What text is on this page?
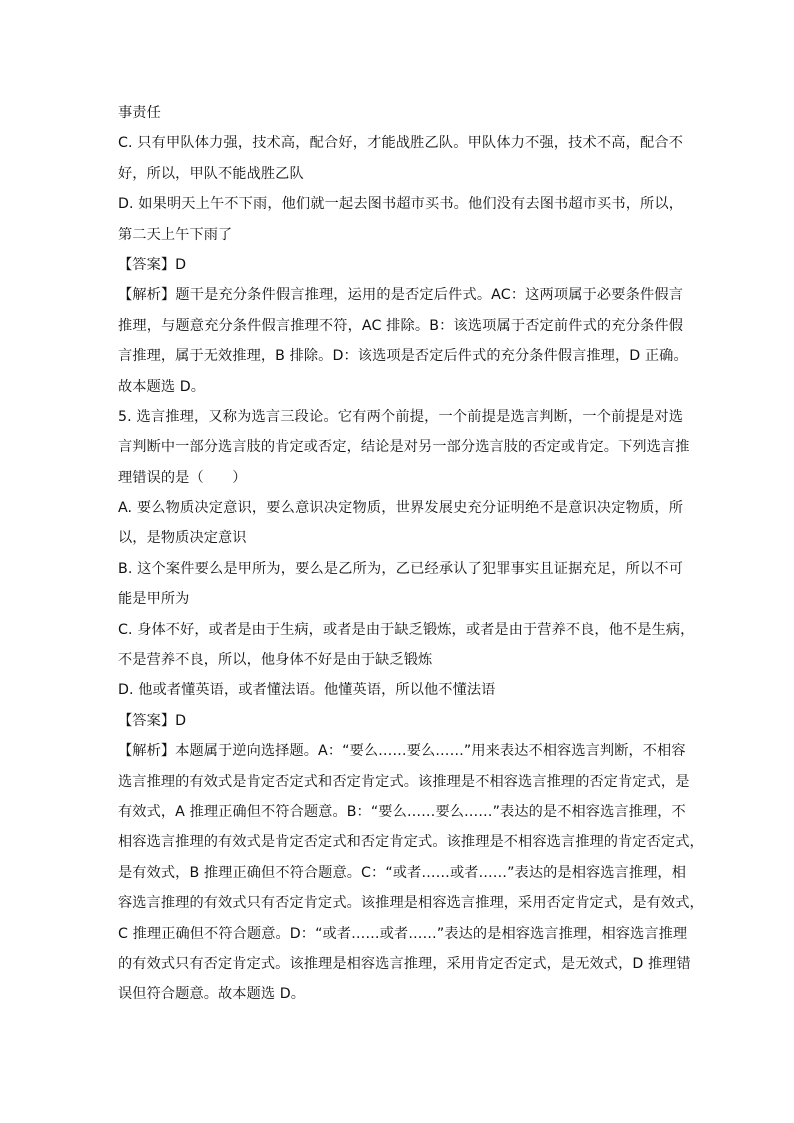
事责任
C. 只有甲队体力强，技术高，配合好，才能战胜乙队。甲队体力不强，技术不高，配合不
好，所以，甲队不能战胜乙队
D. 如果明天上午不下雨，他们就一起去图书超市买书。他们没有去图书超市买书，所以，
第二天上午下雨了
【答案】D
【解析】题干是充分条件假言推理，运用的是否定后件式。AC：这两项属于必要条件假言
推理，与题意充分条件假言推理不符，AC 排除。B：该选项属于否定前件式的充分条件假
言推理，属于无效推理，B 排除。D：该选项是否定后件式的充分条件假言推理，D 正确。
故本题选 D。
5. 选言推理，又称为选言三段论。它有两个前提，一个前提是选言判断，一个前提是对选
言判断中一部分选言肢的肯定或否定，结论是对另一部分选言肢的否定或肯定。下列选言推
理错误的是（　　）
A. 要么物质决定意识，要么意识决定物质，世界发展史充分证明绝不是意识决定物质，所
以，是物质决定意识
B. 这个案件要么是甲所为，要么是乙所为，乙已经承认了犯罪事实且证据充足，所以不可
能是甲所为
C. 身体不好，或者是由于生病，或者是由于缺乏锻炼，或者是由于营养不良，他不是生病，
不是营养不良，所以，他身体不好是由于缺乏锻炼
D. 他或者懂英语，或者懂法语。他懂英语，所以他不懂法语
【答案】D
【解析】本题属于逆向选择题。A：“要么……要么……”用来表达不相容选言判断，不相容
选言推理的有效式是肯定否定式和否定肯定式。该推理是不相容选言推理的否定肯定式，是
有效式，A 推理正确但不符合题意。B：“要么……要么……”表达的是不相容选言推理，不
相容选言推理的有效式是肯定否定式和否定肯定式。该推理是不相容选言推理的肯定否定式，
是有效式，B 推理正确但不符合题意。C：“或者……或者……”表达的是相容选言推理，相
容选言推理的有效式只有否定肯定式。该推理是相容选言推理，采用否定肯定式，是有效式，
C 推理正确但不符合题意。D：“或者……或者……”表达的是相容选言推理，相容选言推理
的有效式只有否定肯定式。该推理是相容选言推理，采用肯定否定式，是无效式，D 推理错
误但符合题意。故本题选 D。
